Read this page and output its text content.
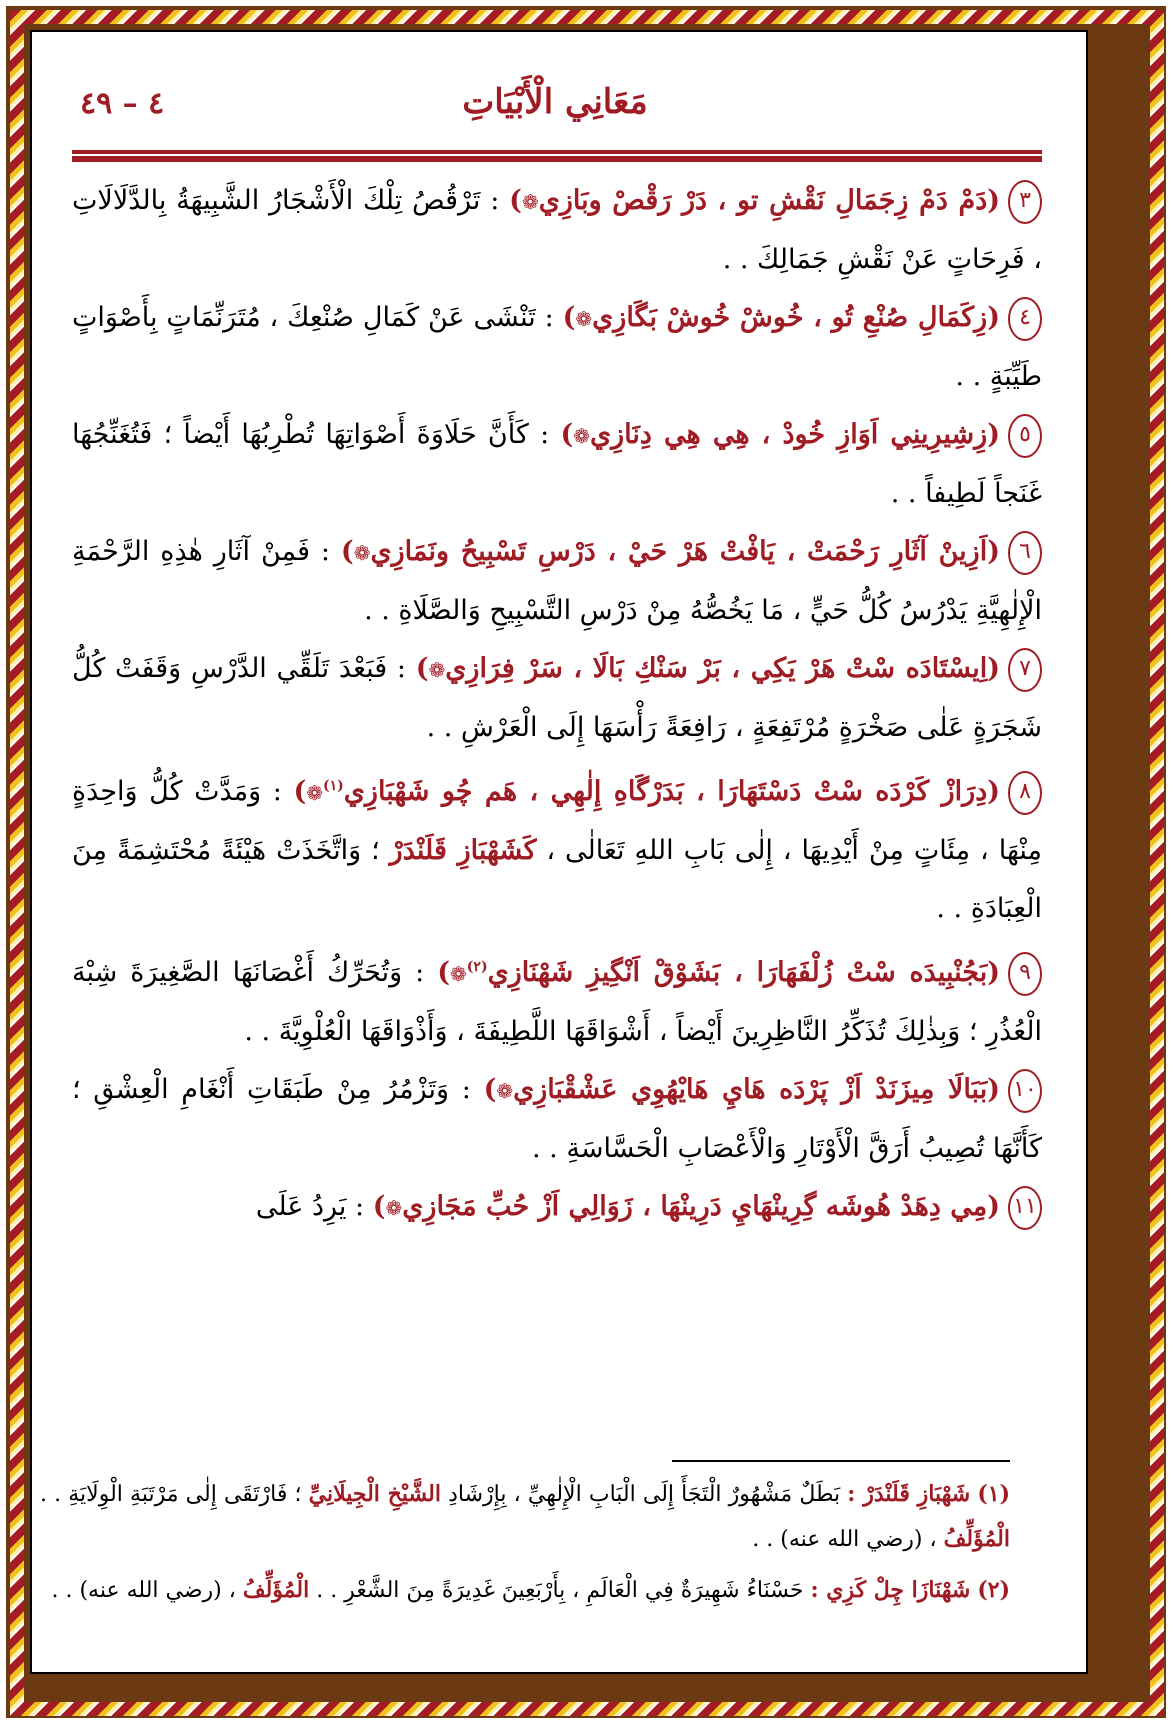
مَعَانِي الْأَبْيَاتِ
٤ – ٤٩

٣(دَمْ دَمْ زِجَمَالِ نَقْشِ تو ، دَرْ رَقْصْ وبَازِي❁) : تَرْقُصُ تِلْكَ الْأَشْجَارُ الشَّبِيهَةُ بِالدَّلَالَاتِ ، فَرِحَاتٍ عَنْ نَقْشِ جَمَالِكَ . .

٤(زِكَمَالِ صُنْعِ تُو ، خُوشْ خُوشْ بَگَازِي❁) : تَنْشَى عَنْ كَمَالِ صُنْعِكَ ، مُتَرَنِّمَاتٍ بِأَصْوَاتٍ طَيِّبَةٍ . .

٥(زِشِيرِينِي اَوَازِ خُودْ ، هِي هِي دِنَازِي❁) : كَأَنَّ حَلَاوَةَ أَصْوَاتِهَا تُطْرِبُهَا أَيْضاً ؛ فَتُغَنِّجُهَا غَنَجاً لَطِيفاً . .

٦(اَزِينْ آثَارِ رَحْمَتْ ، يَافْتْ هَرْ حَيْ ، دَرْسِ تَسْبِيحُ ونَمَازِي❁) : فَمِنْ آثَارِ هٰذِهِ الرَّحْمَةِ الْإِلٰهِيَّةِ يَدْرُسُ كُلُّ حَيٍّ ، مَا يَخُصُّهُ مِنْ دَرْسِ التَّسْبِيحِ وَالصَّلَاةِ . .

٧(اِيسْتَادَه سْتْ هَرْ يَكِي ، بَرْ سَنْكِ بَالَا ، سَرْ فِرَازِي❁) : فَبَعْدَ تَلَقِّي الدَّرْسِ وَقَفَتْ كُلُّ شَجَرَةٍ عَلٰى صَخْرَةٍ مُرْتَفِعَةٍ ، رَافِعَةً رَأْسَهَا إِلَى الْعَرْشِ . .

٨(دِرَازْ كَرْدَه سْتْ دَسْتَهَارَا ، بَدَرْگَاهِ إِلٰهِي ، هَم چُو شَهْبَازِي$^{(١)}$❁) : وَمَدَّتْ كُلُّ وَاحِدَةٍ مِنْهَا ، مِئَاتٍ مِنْ أَيْدِيهَا ، إِلٰى بَابِ اللهِ تَعَالٰى ، كَشَهْبَازِ قَلَنْدَرْ ؛ وَاتَّخَذَتْ هَيْئَةً مُحْتَشِمَةً مِنَ الْعِبَادَةِ . .

٩(بَجُنْبِيدَه سْتْ زُلْفَهَارَا ، بَشَوْقْ اَنْگِيزِ شَهْنَازِي$^{(٢)}$❁) : وَتُحَرِّكُ أَغْصَانَهَا الصَّغِيرَةَ شِبْهَ الْعُذُرِ ؛ وَبِذٰلِكَ تُذَكِّرُ النَّاظِرِينَ أَيْضاً ، أَشْوَاقَهَا اللَّطِيفَةَ ، وَأَذْوَاقَهَا الْعُلْوِيَّةَ . .

١٠(بَبَالَا مِيزَنَدْ اَزْ پَرْدَه هَايِ هَايْهُوِي عَشْقْبَازِي❁) : وَتَزْمُرُ مِنْ طَبَقَاتِ أَنْغَامِ الْعِشْقِ ؛ كَأَنَّهَا تُصِيبُ أَرَقَّ الْأَوْتَارِ وَالْأَعْصَابِ الْحَسَّاسَةِ . .

١١(مِي دِهَدْ هُوشَه گِرِينْهَايِ دَرِينْهَا ، زَوَالِي اَزْ حُبِّ مَجَازِي❁) : يَرِدُ عَلَى

(١) شَهْبَازِ قَلَنْدَرْ : بَطَلٌ مَشْهُورٌ الْتَجَأَ إِلَى الْبَابِ الْإِلٰهِيِّ ، بِإِرْشَادِ الشَّيْخِ الْجِيلَانِيِّ ؛ فَارْتَقَى إِلٰى مَرْتَبَةِ الْوِلَايَةِ . . الْمُؤَلِّفُ ، (رضي الله عنه) . .

(٢) شَهْنَازَا چِلْ كَزِي : حَسْنَاءُ شَهِيرَةٌ فِي الْعَالَمِ ، بِأَرْبَعِينَ غَدِيرَةً مِنَ الشَّعْرِ . . الْمُؤَلِّفُ ، (رضي الله عنه) . .
